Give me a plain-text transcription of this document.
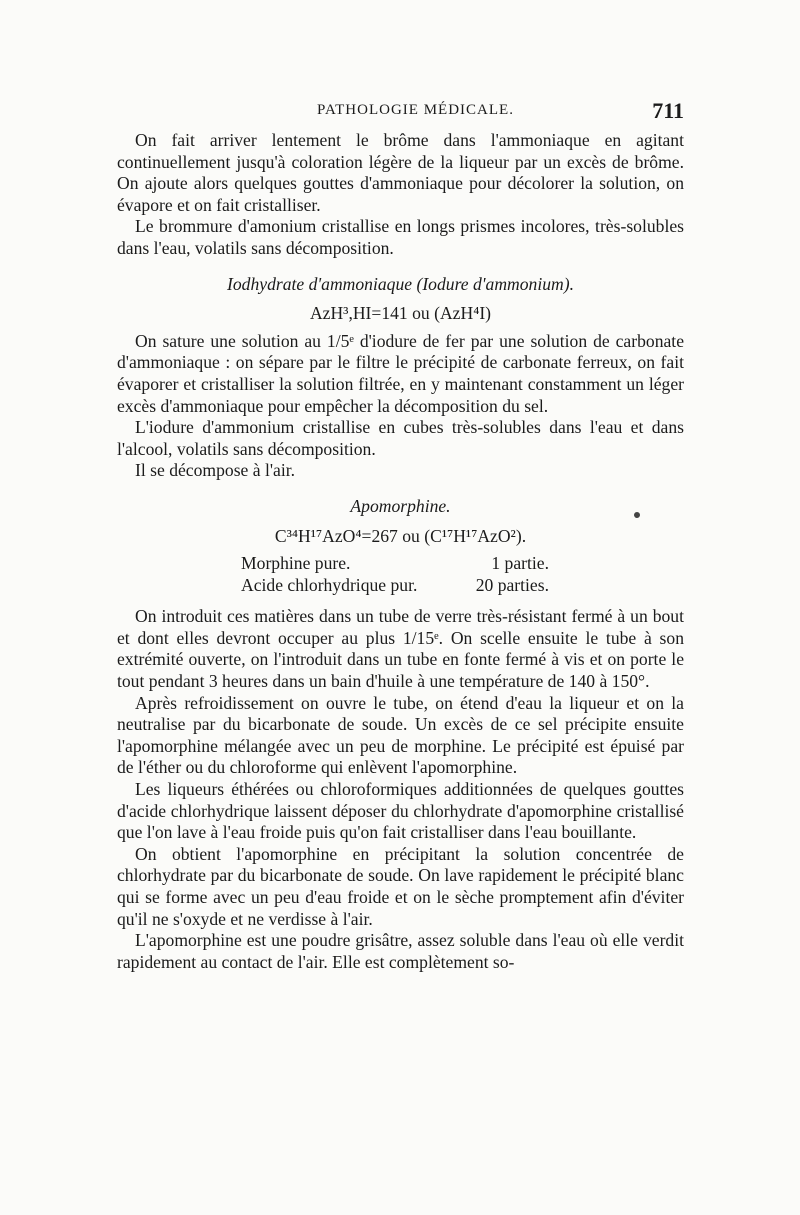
PATHOLOGIE MÉDICALE.	711

On fait arriver lentement le brôme dans l'ammoniaque en agitant continuellement jusqu'à coloration légère de la liqueur par un excès de brôme. On ajoute alors quelques gouttes d'ammoniaque pour décolorer la solution, on évapore et on fait cristalliser.

Le brommure d'amonium cristallise en longs prismes incolores, très-solubles dans l'eau, volatils sans décomposition.

Iodhydrate d'ammoniaque (Iodure d'ammonium).

AzH³,HI=141 ou (AzH⁴I)

On sature une solution au 1/5ᵉ d'iodure de fer par une solution de carbonate d'ammoniaque : on sépare par le filtre le précipité de carbonate ferreux, on fait évaporer et cristalliser la solution filtrée, en y maintenant constamment un léger excès d'ammoniaque pour empêcher la décomposition du sel.

L'iodure d'ammonium cristallise en cubes très-solubles dans l'eau et dans l'alcool, volatils sans décomposition.

Il se décompose à l'air.

Apomorphine.

C³⁴H¹⁷AzO⁴=267 ou (C¹⁷H¹⁷AzO²).

Morphine pure.	1 partie.
Acide chlorhydrique pur.	20 parties.

On introduit ces matières dans un tube de verre très-résistant fermé à un bout et dont elles devront occuper au plus 1/15ᵉ. On scelle ensuite le tube à son extrémité ouverte, on l'introduit dans un tube en fonte fermé à vis et on porte le tout pendant 3 heures dans un bain d'huile à une température de 140 à 150°.

Après refroidissement on ouvre le tube, on étend d'eau la liqueur et on la neutralise par du bicarbonate de soude. Un excès de ce sel précipite ensuite l'apomorphine mélangée avec un peu de morphine. Le précipité est épuisé par de l'éther ou du chloroforme qui enlèvent l'apomorphine.

Les liqueurs éthérées ou chloroformiques additionnées de quelques gouttes d'acide chlorhydrique laissent déposer du chlorhydrate d'apomorphine cristallisé que l'on lave à l'eau froide puis qu'on fait cristalliser dans l'eau bouillante.

On obtient l'apomorphine en précipitant la solution concentrée de chlorhydrate par du bicarbonate de soude. On lave rapidement le précipité blanc qui se forme avec un peu d'eau froide et on le sèche promptement afin d'éviter qu'il ne s'oxyde et ne verdisse à l'air.

L'apomorphine est une poudre grisâtre, assez soluble dans l'eau où elle verdit rapidement au contact de l'air. Elle est complètement so-
